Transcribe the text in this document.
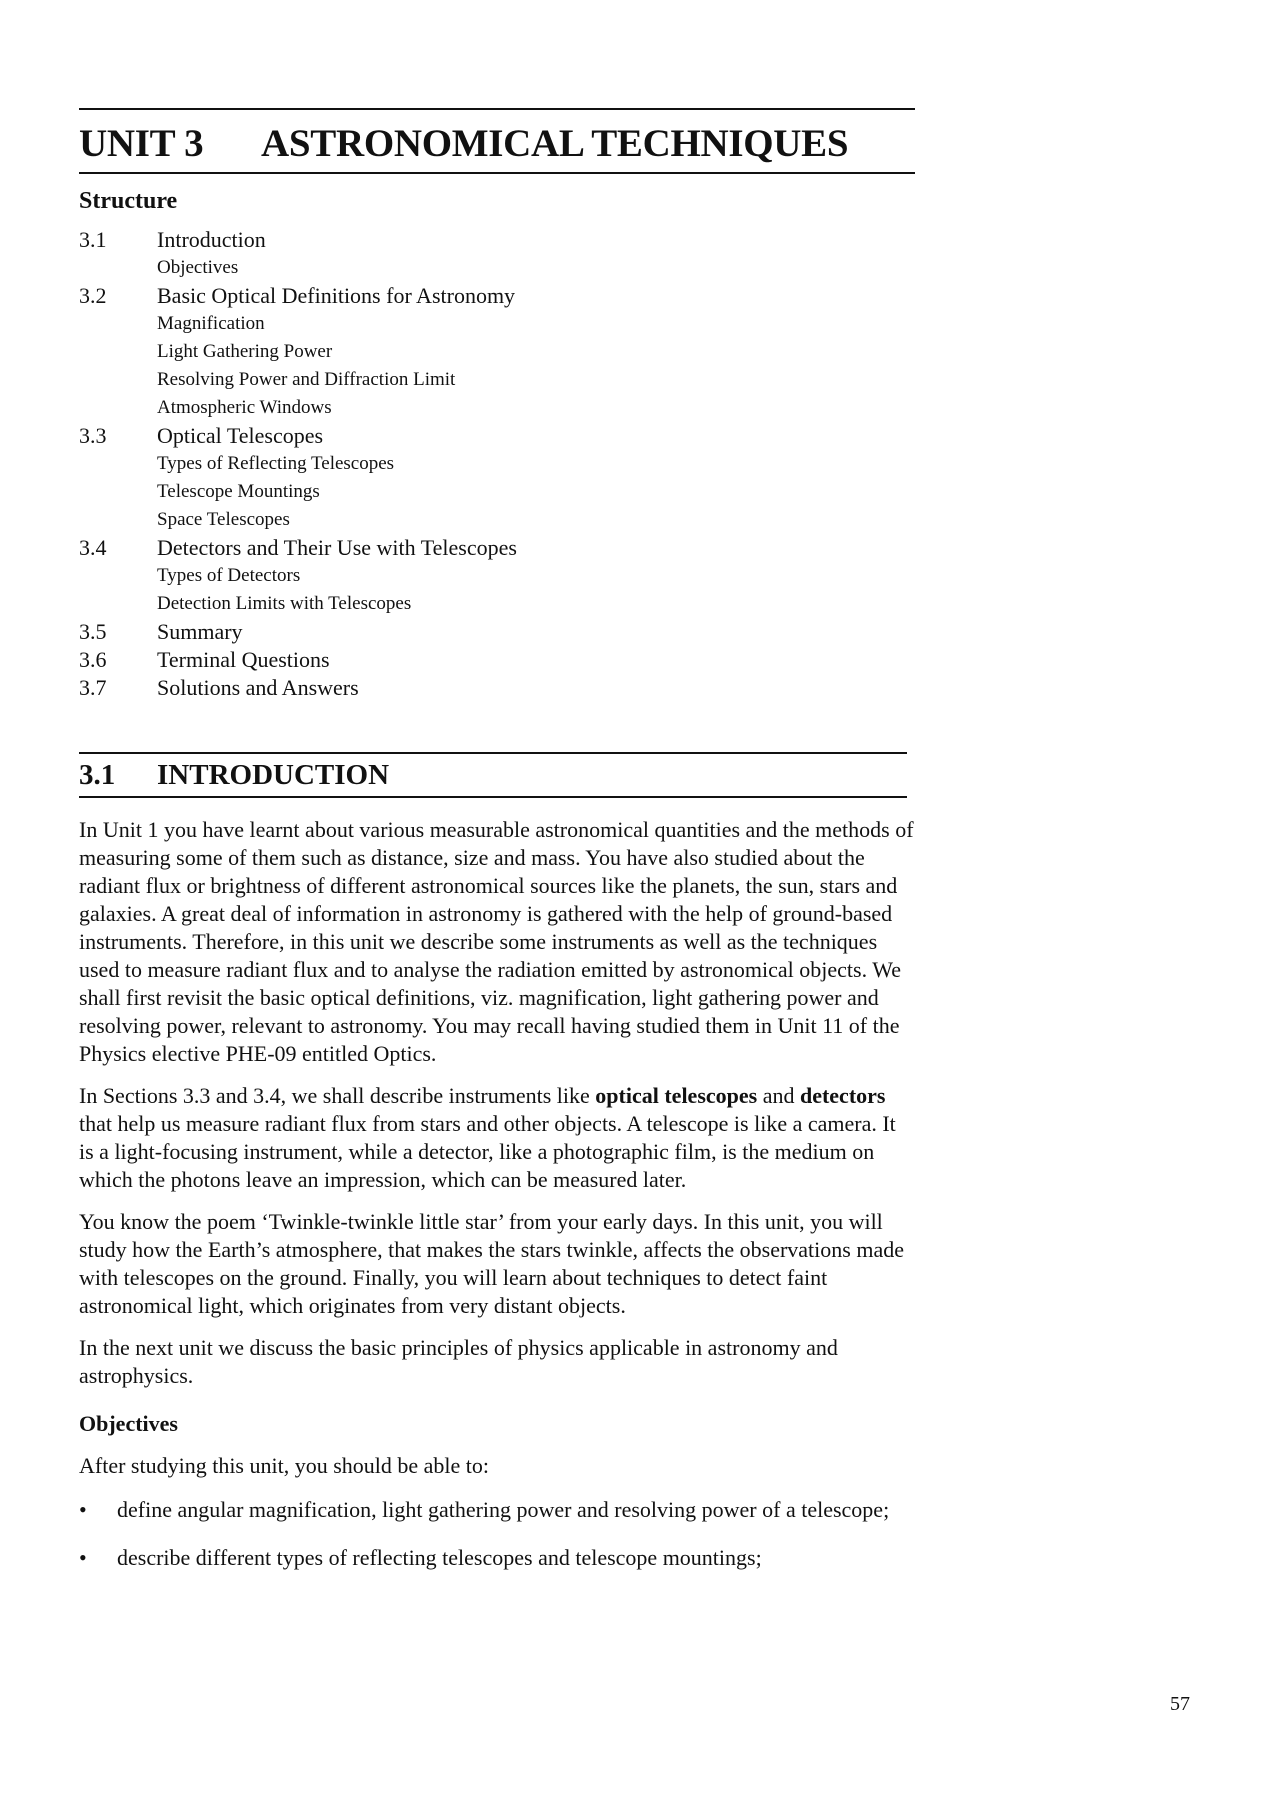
UNIT 3 ASTRONOMICAL TECHNIQUES
Structure
3.1	Introduction
Objectives
3.2	Basic Optical Definitions for Astronomy
Magnification
Light Gathering Power
Resolving Power and Diffraction Limit
Atmospheric Windows
3.3	Optical Telescopes
Types of Reflecting Telescopes
Telescope Mountings
Space Telescopes
3.4	Detectors and Their Use with Telescopes
Types of Detectors
Detection Limits with Telescopes
3.5	Summary
3.6	Terminal Questions
3.7	Solutions and Answers
3.1 INTRODUCTION

In Unit 1 you have learnt about various measurable astronomical quantities and the methods of measuring some of them such as distance, size and mass. You have also studied about the radiant flux or brightness of different astronomical sources like the planets, the sun, stars and galaxies. A great deal of information in astronomy is gathered with the help of ground-based instruments. Therefore, in this unit we describe some instruments as well as the techniques used to measure radiant flux and to analyse the radiation emitted by astronomical objects. We shall first revisit the basic optical definitions, viz. magnification, light gathering power and resolving power, relevant to astronomy. You may recall having studied them in Unit 11 of the Physics elective PHE-09 entitled Optics.

In Sections 3.3 and 3.4, we shall describe instruments like optical telescopes and detectors that help us measure radiant flux from stars and other objects. A telescope is like a camera. It is a light-focusing instrument, while a detector, like a photographic film, is the medium on which the photons leave an impression, which can be measured later.

You know the poem ‘Twinkle-twinkle little star’ from your early days. In this unit, you will study how the Earth’s atmosphere, that makes the stars twinkle, affects the observations made with telescopes on the ground. Finally, you will learn about techniques to detect faint astronomical light, which originates from very distant objects.

In the next unit we discuss the basic principles of physics applicable in astronomy and astrophysics.

Objectives

After studying this unit, you should be able to:

•	define angular magnification, light gathering power and resolving power of a telescope;
•	describe different types of reflecting telescopes and telescope mountings;
57
